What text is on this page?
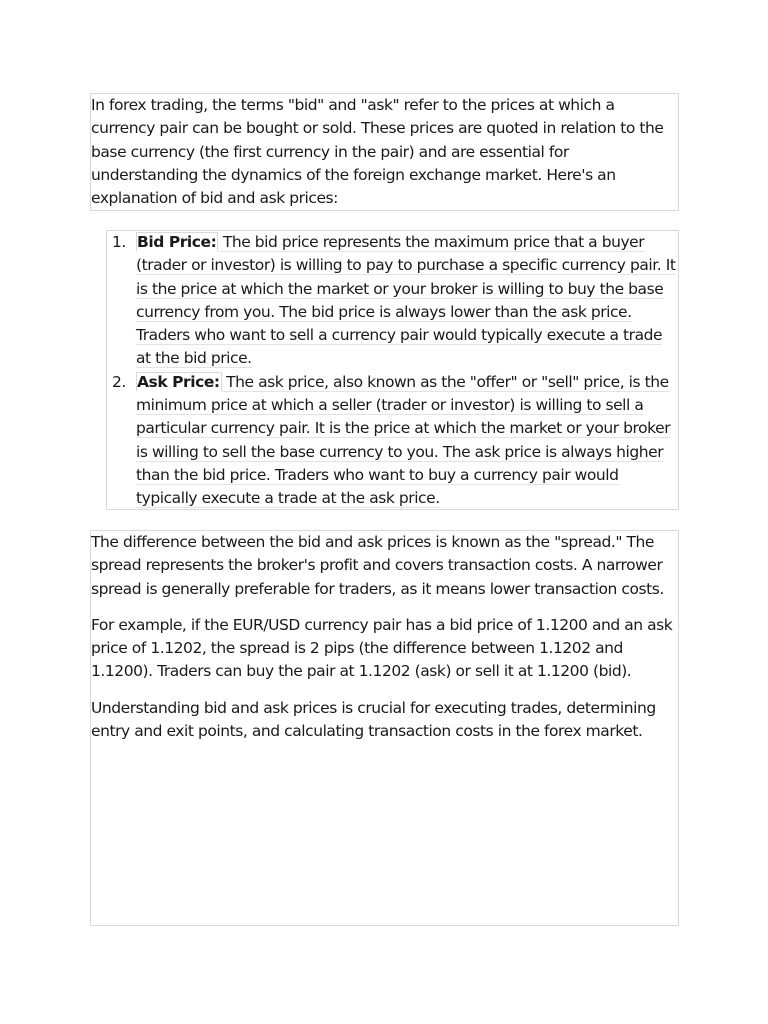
In forex trading, the terms "bid" and "ask" refer to the prices at which a currency pair can be bought or sold. These prices are quoted in relation to the base currency (the first currency in the pair) and are essential for understanding the dynamics of the foreign exchange market. Here's an explanation of bid and ask prices:

1. Bid Price: The bid price represents the maximum price that a buyer (trader or investor) is willing to pay to purchase a specific currency pair. It is the price at which the market or your broker is willing to buy the base currency from you. The bid price is always lower than the ask price. Traders who want to sell a currency pair would typically execute a trade at the bid price.
2. Ask Price: The ask price, also known as the "offer" or "sell" price, is the minimum price at which a seller (trader or investor) is willing to sell a particular currency pair. It is the price at which the market or your broker is willing to sell the base currency to you. The ask price is always higher than the bid price. Traders who want to buy a currency pair would typically execute a trade at the ask price.

The difference between the bid and ask prices is known as the "spread." The spread represents the broker's profit and covers transaction costs. A narrower spread is generally preferable for traders, as it means lower transaction costs.

For example, if the EUR/USD currency pair has a bid price of 1.1200 and an ask price of 1.1202, the spread is 2 pips (the difference between 1.1202 and 1.1200). Traders can buy the pair at 1.1202 (ask) or sell it at 1.1200 (bid).

Understanding bid and ask prices is crucial for executing trades, determining entry and exit points, and calculating transaction costs in the forex market.
